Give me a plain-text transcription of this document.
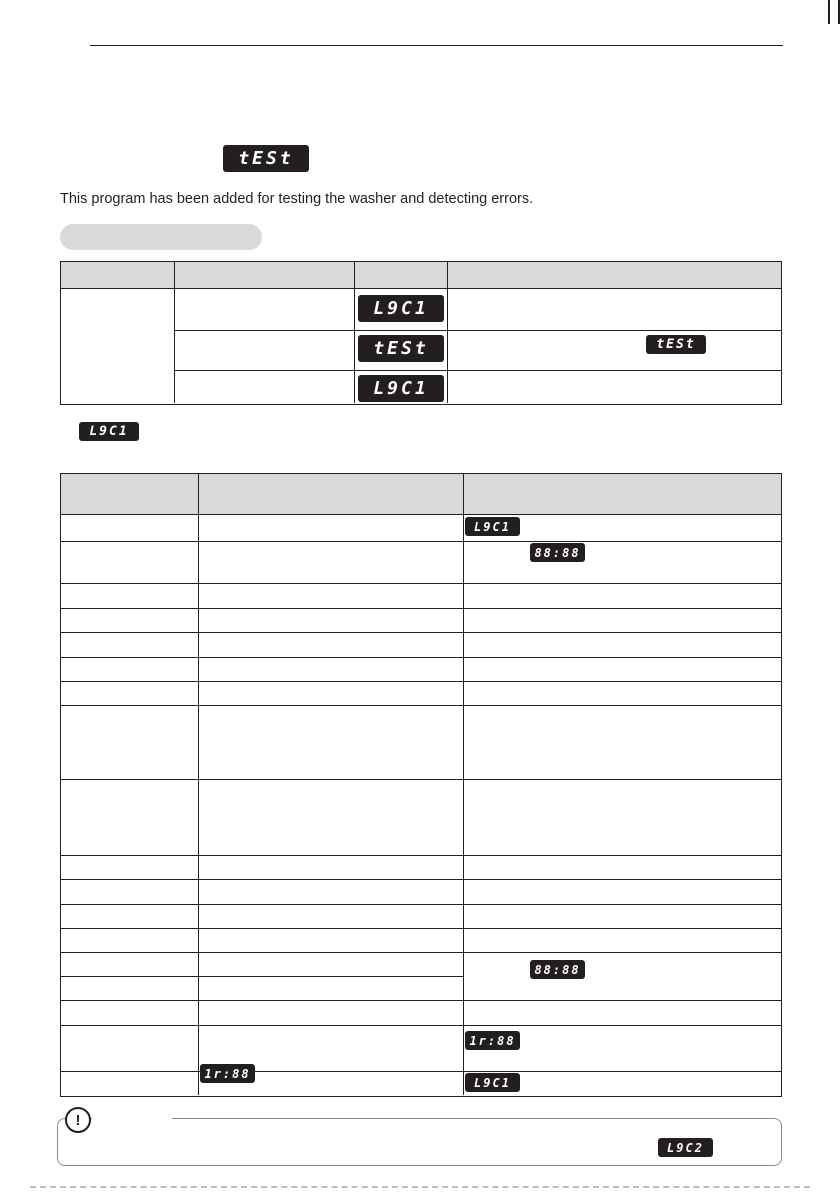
tESt
This program has been added for testing the washer and detecting errors.
L9C1
tESt
L9C1
tESt
L9C1
L9C1
88:88
88:88
1r:88
1r:88
L9C1
!
L9C2
